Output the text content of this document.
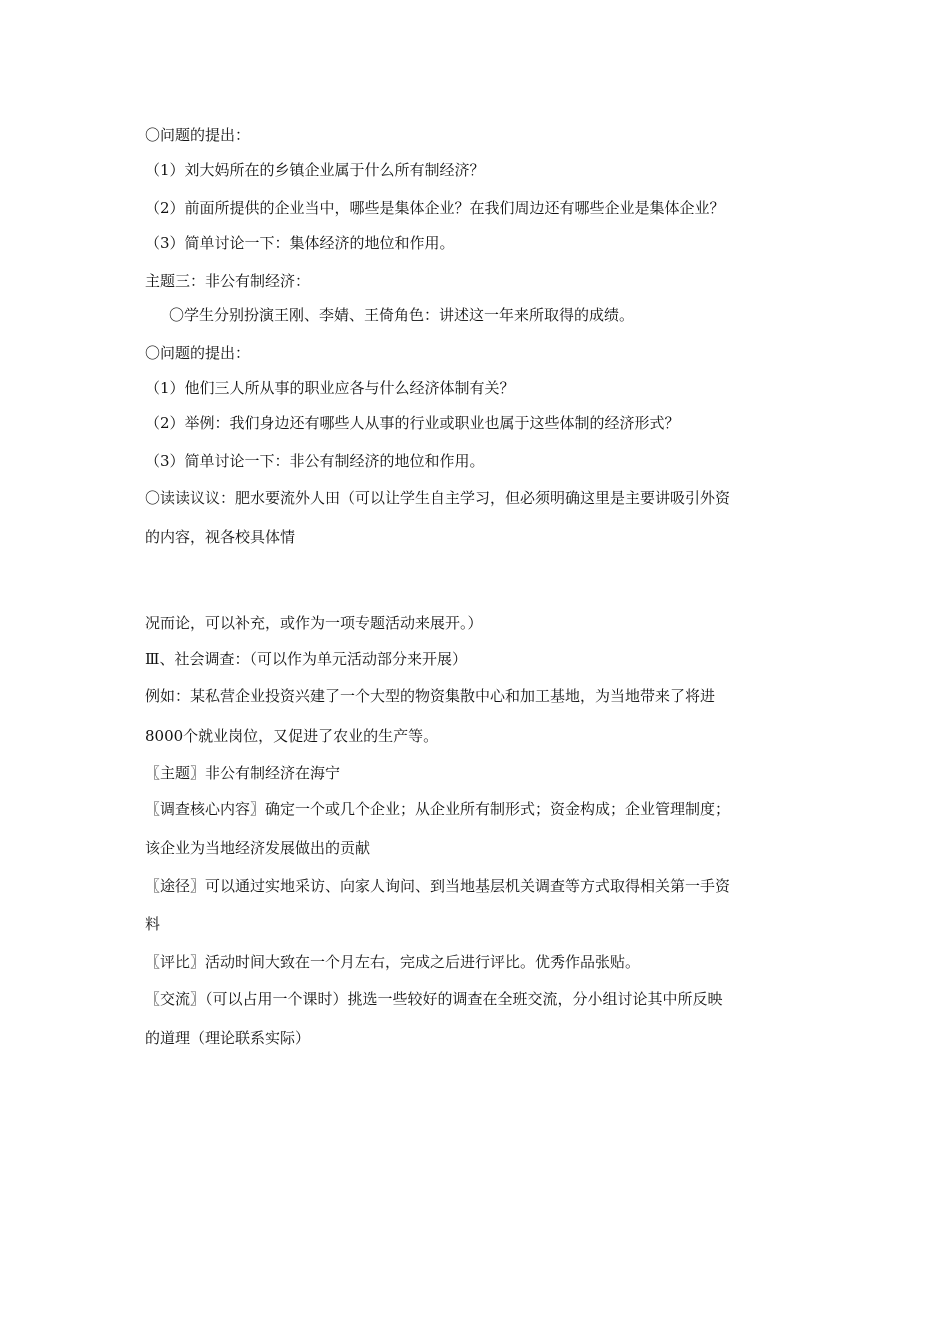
〇问题的提出：
（1）刘大妈所在的乡镇企业属于什么所有制经济？
（2）前面所提供的企业当中，哪些是集体企业？在我们周边还有哪些企业是集体企业？
（3）简单讨论一下：集体经济的地位和作用。
主题三：非公有制经济：
〇学生分别扮演王刚、李婧、王倚角色：讲述这一年来所取得的成绩。
〇问题的提出：
（1）他们三人所从事的职业应各与什么经济体制有关？
（2）举例：我们身边还有哪些人从事的行业或职业也属于这些体制的经济形式？
（3）简单讨论一下：非公有制经济的地位和作用。
〇读读议议：肥水要流外人田（可以让学生自主学习，但必须明确这里是主要讲吸引外资
的内容，视各校具体情
况而论，可以补充，或作为一项专题活动来展开。）
Ⅲ、社会调查：（可以作为单元活动部分来开展）
例如：某私营企业投资兴建了一个大型的物资集散中心和加工基地，为当地带来了将进
8000个就业岗位，又促进了农业的生产等。
〖主题〗非公有制经济在海宁
〖调查核心内容〗确定一个或几个企业；从企业所有制形式；资金构成；企业管理制度；
该企业为当地经济发展做出的贡献
〖途径〗可以通过实地采访、向家人询问、到当地基层机关调查等方式取得相关第一手资
料
〖评比〗活动时间大致在一个月左右，完成之后进行评比。优秀作品张贴。
〖交流〗（可以占用一个课时）挑选一些较好的调查在全班交流，分小组讨论其中所反映
的道理（理论联系实际）
